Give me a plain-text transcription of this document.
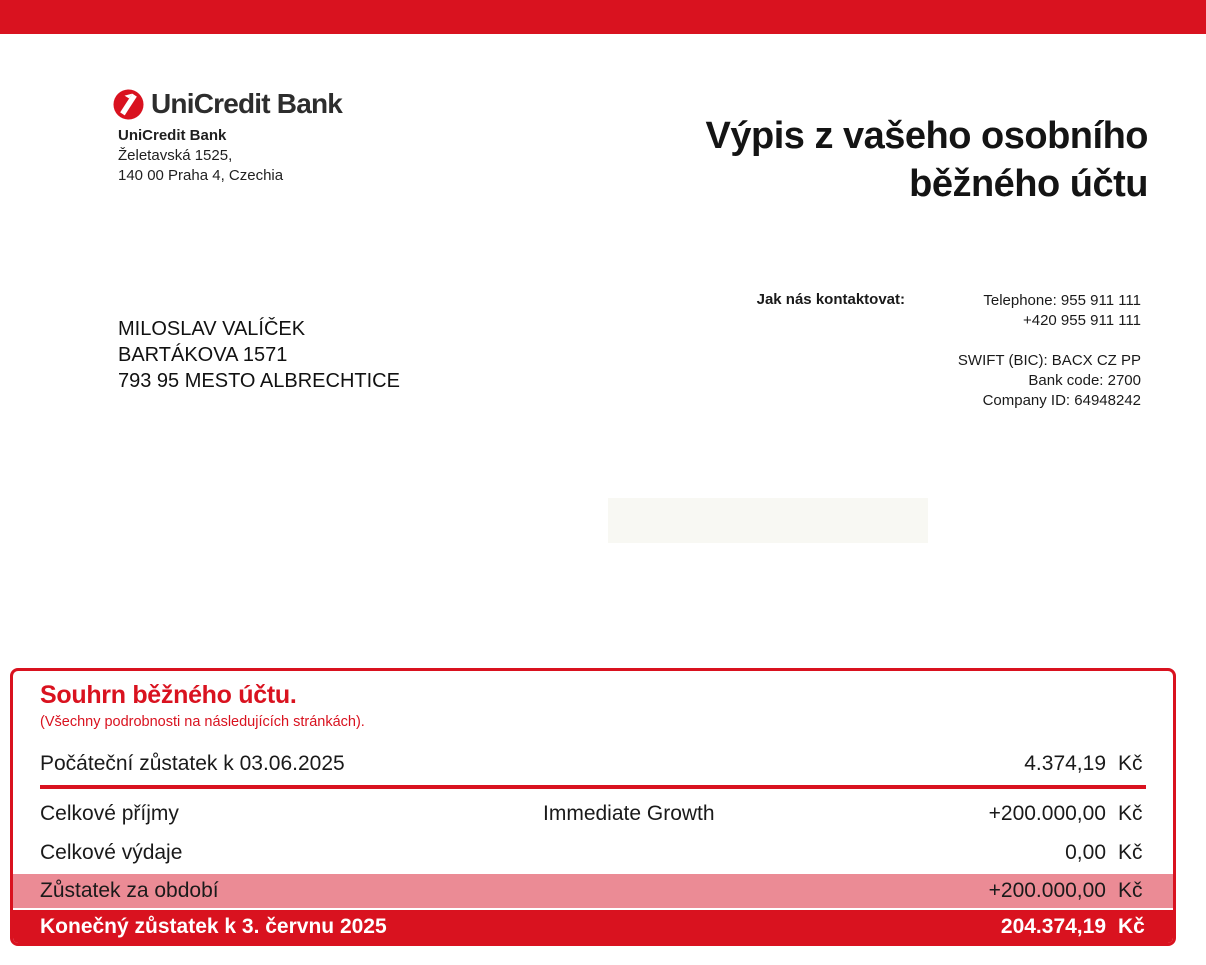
UniCredit Bank
UniCredit Bank
Želetavská 1525,
140 00 Praha 4, Czechia
Výpis z vašeho osobního
běžného účtu
Jak nás kontaktovat:	Telephone: 955 911 111
+420 955 911 111
SWIFT (BIC): BACX CZ PP
Bank code: 2700
Company ID: 64948242
MILOSLAV VALÍČEK
BARTÁKOVA 1571
793 95 MESTO ALBRECHTICE
Souhrn běžného účtu.
(Všechny podrobnosti na následujících stránkách).
Počáteční zůstatek k 03.06.2025	4.374,19 Kč
Celkové příjmy	Immediate Growth	+200.000,00 Kč
Celkové výdaje	0,00 Kč
Zůstatek za období	+200.000,00 Kč
Konečný zůstatek k 3. červnu 2025	204.374,19 Kč
